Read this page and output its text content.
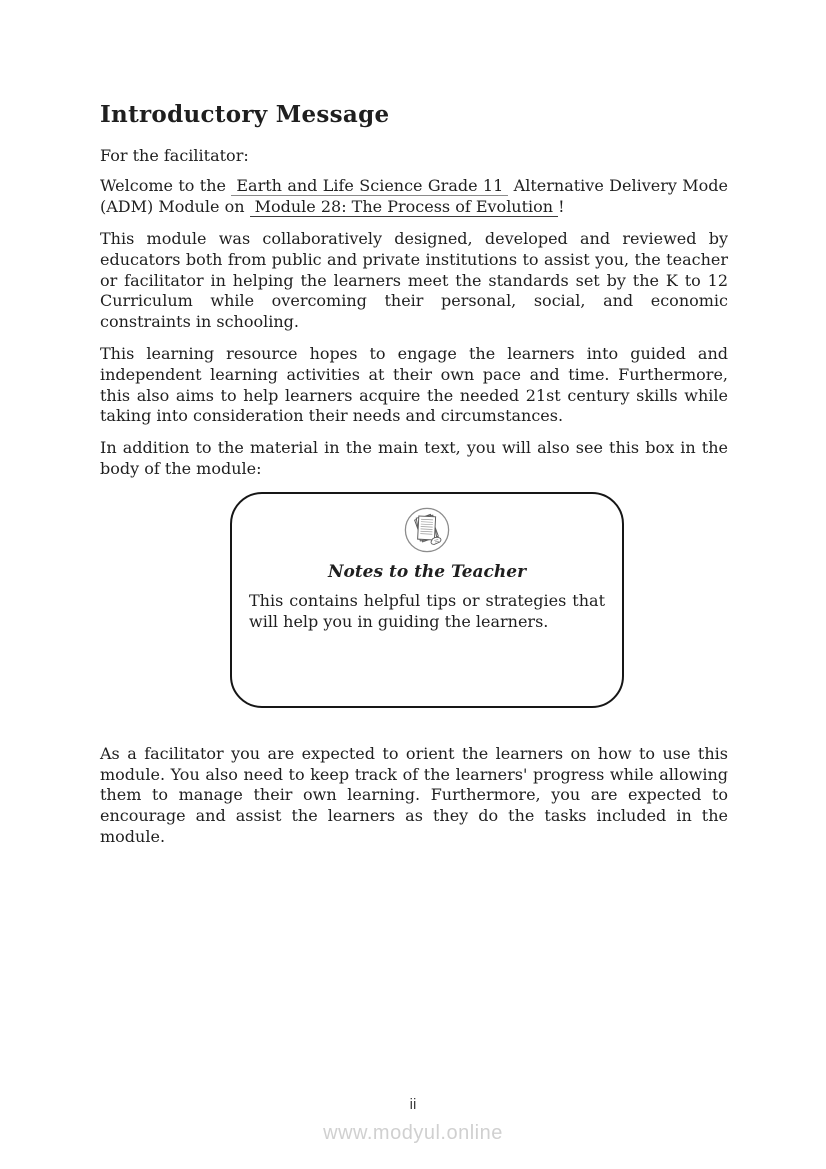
Introductory Message

For the facilitator:

Welcome to the Earth and Life Science Grade 11 Alternative Delivery Mode (ADM) Module on Module 28: The Process of Evolution !

This module was collaboratively designed, developed and reviewed by educators both from public and private institutions to assist you, the teacher or facilitator in helping the learners meet the standards set by the K to 12 Curriculum while overcoming their personal, social, and economic constraints in schooling.

This learning resource hopes to engage the learners into guided and independent learning activities at their own pace and time. Furthermore, this also aims to help learners acquire the needed 21st century skills while taking into consideration their needs and circumstances.

In addition to the material in the main text, you will also see this box in the body of the module:

Notes to the Teacher
This contains helpful tips or strategies that will help you in guiding the learners.

As a facilitator you are expected to orient the learners on how to use this module. You also need to keep track of the learners' progress while allowing them to manage their own learning. Furthermore, you are expected to encourage and assist the learners as they do the tasks included in the module.

ii
www.modyul.online
